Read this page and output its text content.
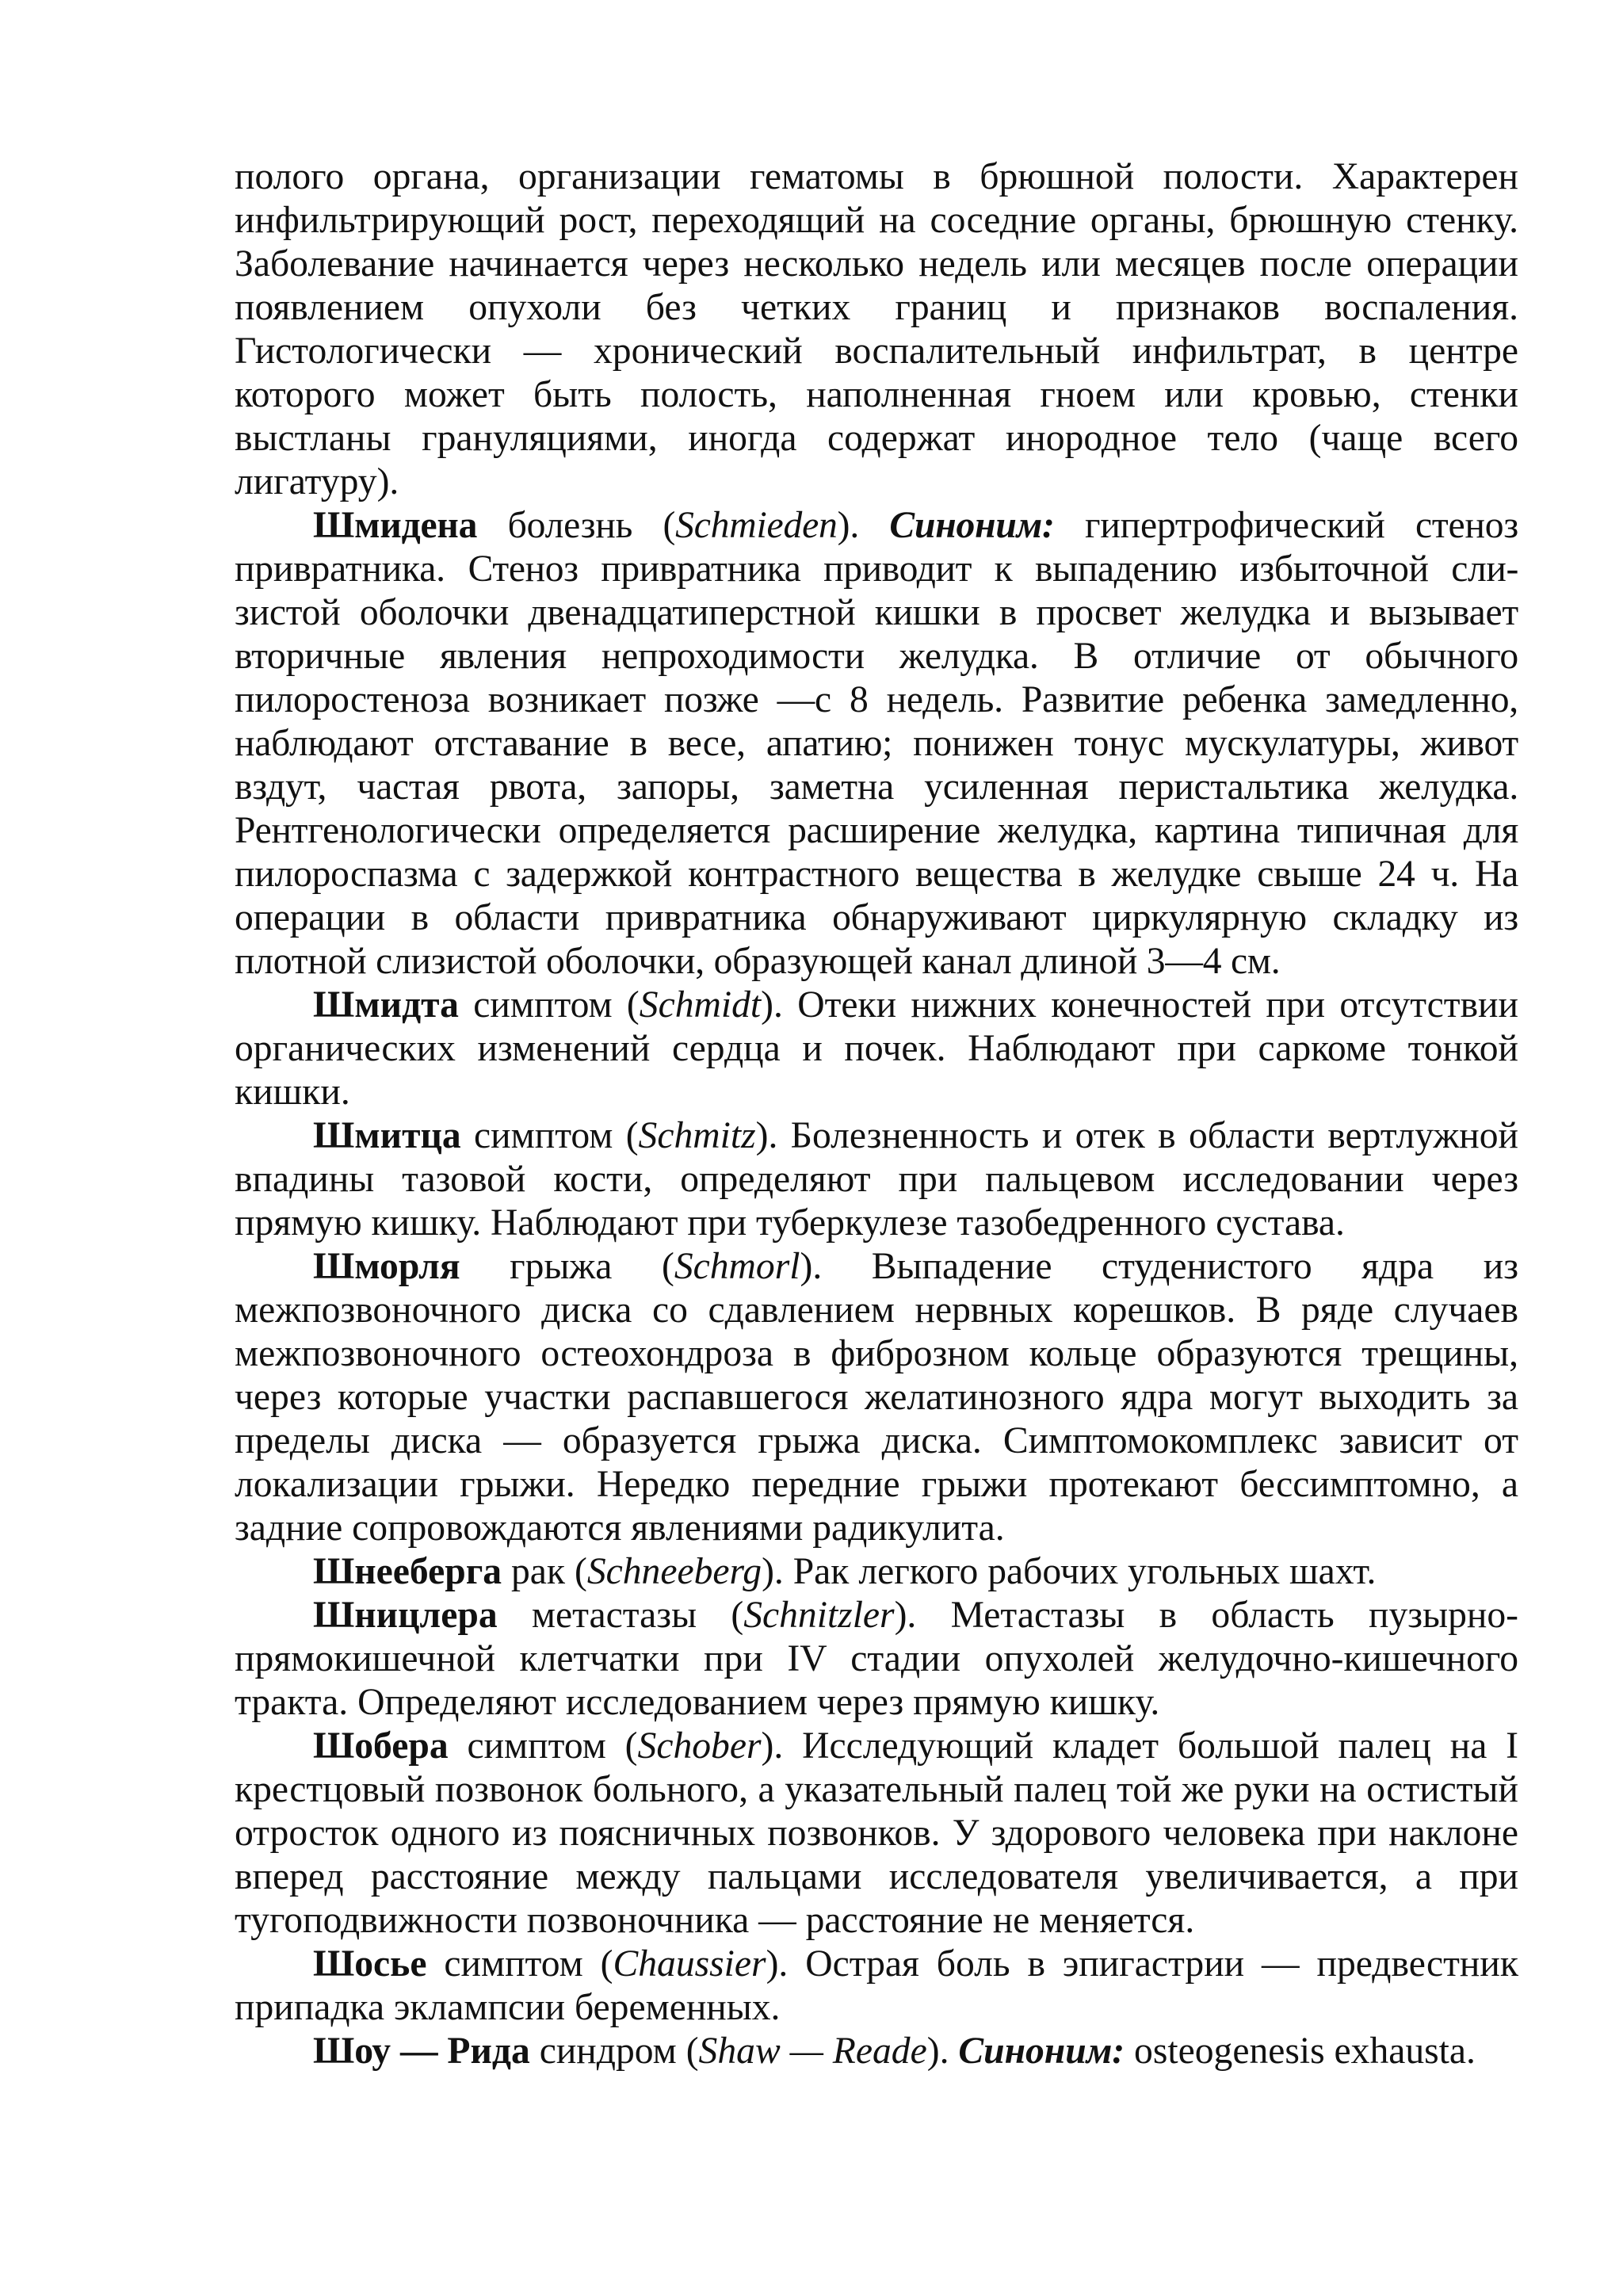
полого органа, организации гематомы в брюшной полости. Характерен инфильтрирующий рост, переходящий на соседние органы, брюшную стенку. Заболевание начинается через несколько недель или месяцев после операции появлением опухоли без четких границ и признаков воспаления. Гистологически — хронический воспалительный инфильтрат, в центре которого может быть полость, наполненная гноем или кровью, стенки выстланы грануляциями, иногда содержат инородное тело (чаще всего лигатуру).

Шмидена болезнь (Schmieden). Синоним: гипертрофический стеноз привратника. Стеноз привратника приводит к выпадению избыточной сли-зистой оболочки двенадцатиперстной кишки в просвет желудка и вызывает вторичные явления непроходимости желудка. В отличие от обычного пилоростеноза возникает позже —с 8 недель. Развитие ребенка замедленно, наблюдают отставание в весе, апатию; понижен тонус мускулатуры, живот вздут, частая рвота, запоры, заметна усиленная перистальтика желудка. Рентгенологически определяется расширение желудка, картина типичная для пилороспазма с задержкой контрастного вещества в желудке свыше 24 ч. На операции в области привратника обнаруживают циркулярную складку из плотной слизистой оболочки, образующей канал длиной 3—4 см.

Шмидта симптом (Schmidt). Отеки нижних конечностей при отсутствии органических изменений сердца и почек. Наблюдают при саркоме тонкой кишки.

Шмитца симптом (Schmitz). Болезненность и отек в области вертлужной впадины тазовой кости, определяют при пальцевом исследовании через прямую кишку. Наблюдают при туберкулезе тазобедренного сустава.

Шморля грыжа (Schmorl). Выпадение студенистого ядра из межпозвоночного диска со сдавлением нервных корешков. В ряде случаев межпозвоночного остеохондроза в фиброзном кольце образуются трещины, через которые участки распавшегося желатинозного ядра могут выходить за пределы диска — образуется грыжа диска. Симптомокомплекс зависит от локализации грыжи. Нередко передние грыжи протекают бессимптомно, а задние сопровождаются явлениями радикулита.

Шнееберга рак (Schneeberg). Рак легкого рабочих угольных шахт.

Шницлера метастазы (Schnitzler). Метастазы в область пузырно-прямокишечной клетчатки при IV стадии опухолей желудочно-кишечного тракта. Определяют исследованием через прямую кишку.

Шобера симптом (Schober). Исследующий кладет большой палец на I крестцовый позвонок больного, а указательный палец той же руки на остистый отросток одного из поясничных позвонков. У здорового человека при наклоне вперед расстояние между пальцами исследователя увеличивается, а при тугоподвижности позвоночника — расстояние не меняется.

Шосье симптом (Chaussier). Острая боль в эпигастрии — предвестник припадка эклампсии беременных.

Шоу — Рида синдром (Shaw — Reade). Синоним: osteogenesis exhausta.
